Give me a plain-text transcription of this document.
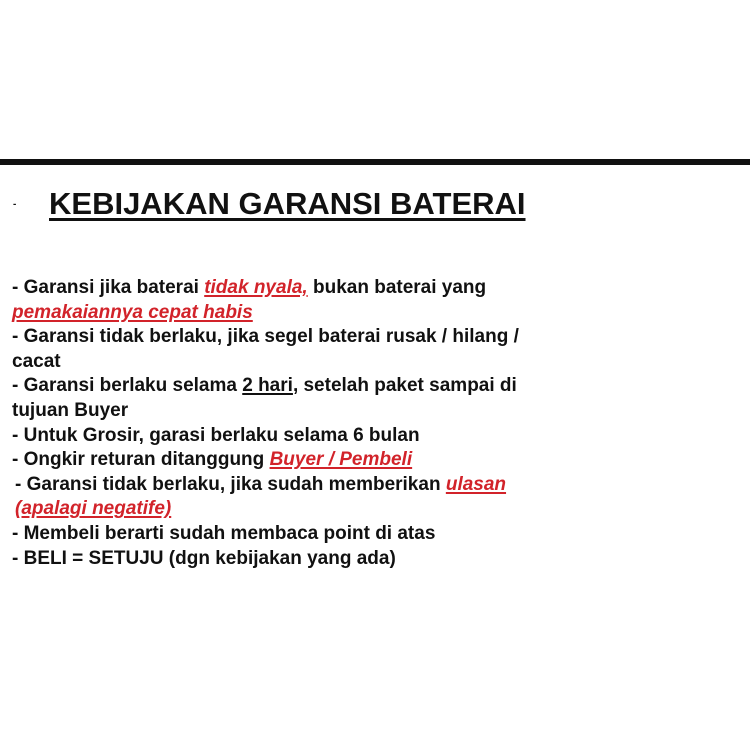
- KEBIJAKAN GARANSI BATERAI
- Garansi jika baterai tidak nyala, bukan baterai yang
pemakaiannya cepat habis
- Garansi tidak berlaku, jika segel baterai rusak / hilang /
cacat
- Garansi berlaku selama 2 hari, setelah paket sampai di
tujuan Buyer
- Untuk Grosir, garasi berlaku selama 6 bulan
- Ongkir returan ditanggung Buyer / Pembeli
- Garansi tidak berlaku, jika sudah memberikan ulasan
(apalagi negatife)
- Membeli berarti sudah membaca point di atas
- BELI = SETUJU (dgn kebijakan yang ada)
